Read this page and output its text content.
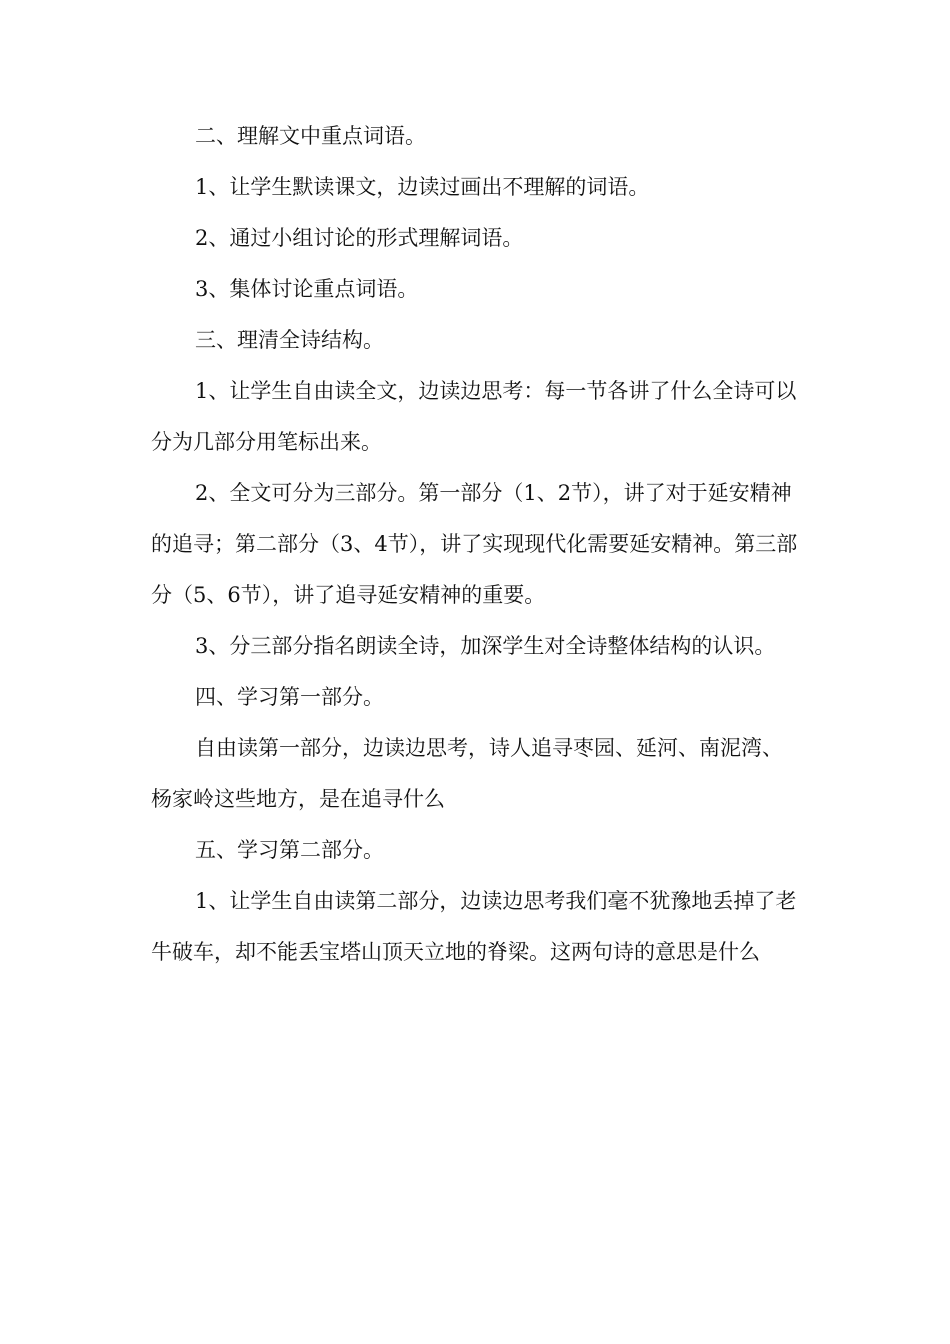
二、理解文中重点词语。

1、让学生默读课文，边读过画出不理解的词语。

2、通过小组讨论的形式理解词语。

3、集体讨论重点词语。

三、理清全诗结构。

1、让学生自由读全文，边读边思考：每一节各讲了什么全诗可以分为几部分用笔标出来。

2、全文可分为三部分。第一部分（1、2节），讲了对于延安精神的追寻；第二部分（3、4节），讲了实现现代化需要延安精神。第三部分（5、6节），讲了追寻延安精神的重要。

3、分三部分指名朗读全诗，加深学生对全诗整体结构的认识。

四、学习第一部分。

自由读第一部分，边读边思考，诗人追寻枣园、延河、南泥湾、杨家岭这些地方，是在追寻什么

五、学习第二部分。

1、让学生自由读第二部分，边读边思考我们毫不犹豫地丢掉了老牛破车，却不能丢宝塔山顶天立地的脊梁。这两句诗的意思是什么
